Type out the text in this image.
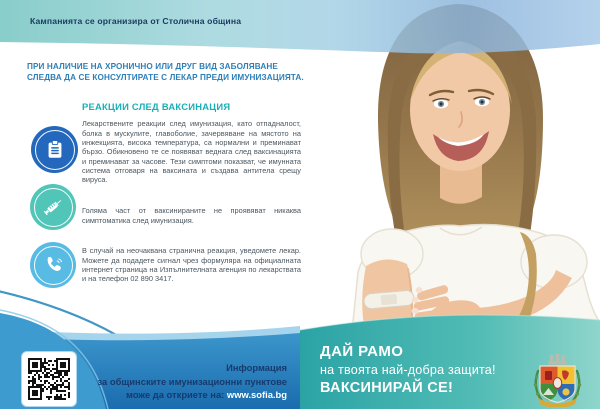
Кампанията се организира от Столична община
ПРИ НАЛИЧИЕ НА ХРОНИЧНО ИЛИ ДРУГ ВИД ЗАБОЛЯВАНЕ
СЛЕДВА ДА СЕ КОНСУЛТИРАТЕ С ЛЕКАР ПРЕДИ ИМУНИЗАЦИЯТА.
РЕАКЦИИ СЛЕД ВАКСИНАЦИЯ

Лекарствените реакции след имунизация, като отпадналост, болка в мускулите, главоболие, зачервяване на мястото на инжекцията, висока температура, са нормални и преминават бързо. Обикновено те се появяват веднага след ваксинацията и преминават за часове. Тези симптоми показват, че имунната система отговаря на ваксината и създава антитела срещу вируса.

Голяма част от ваксинираните не проявяват никаква симптоматика след имунизация.

В случай на неочаквана странична реакция, уведомете лекар. Можете да подадете сигнал чрез формуляра на официалната интернет страница на Изпълнителната агенция по лекарствата и на телефон 02 890 3417.

Информация
за общинските имунизационни пунктове
може да откриете на: www.sofia.bg
ДАЙ РАМО
на твоята най-добра защита!
ВАКСИНИРАЙ СЕ!
